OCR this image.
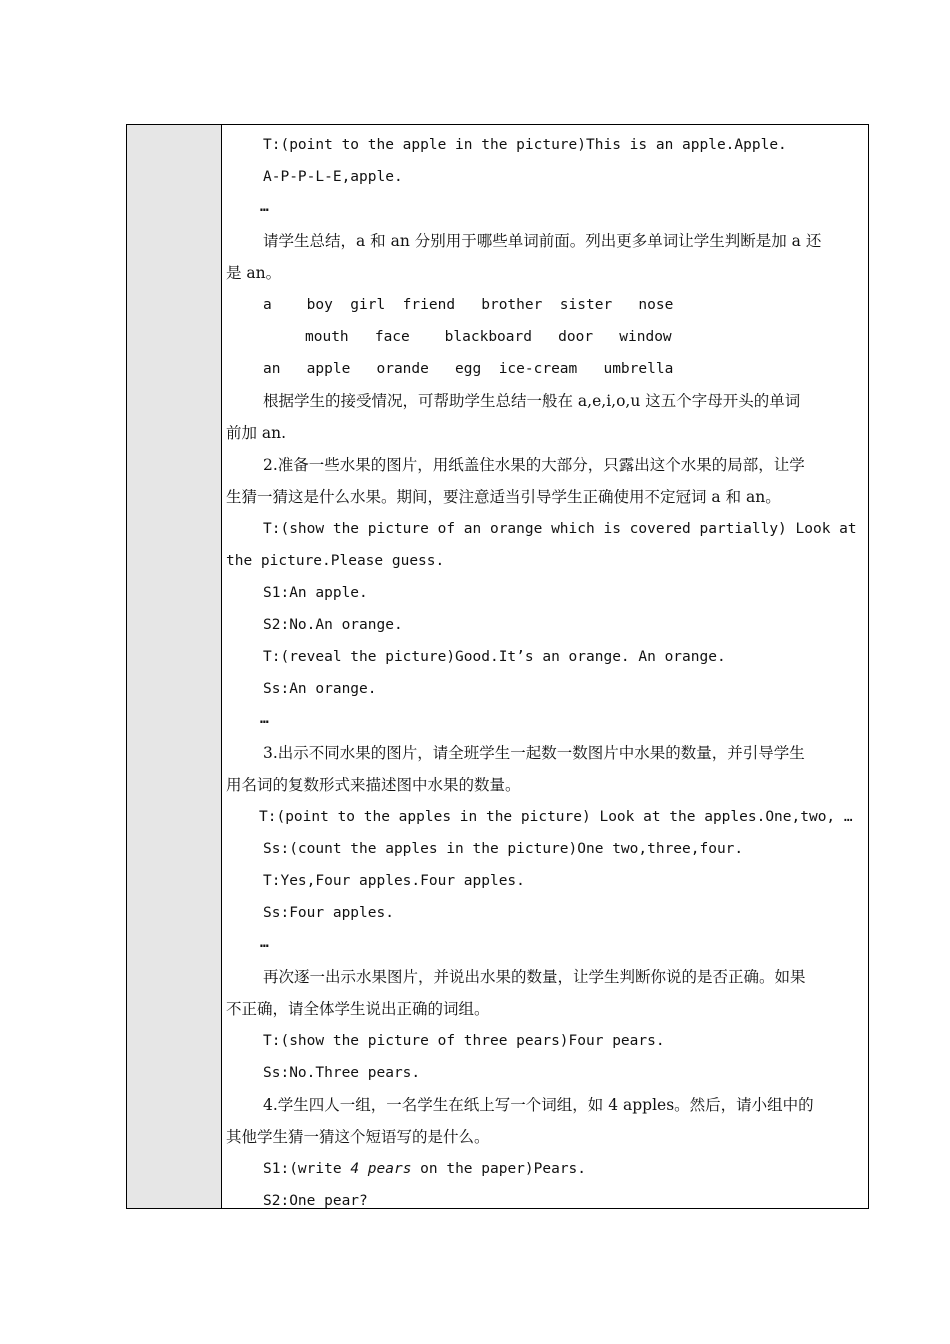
T:(point to the apple in the picture)This is an apple.Apple.
A-P-P-L-E,apple.
…
请学生总结，a 和 an 分别用于哪些单词前面。列出更多单词让学生判断是加 a 还
是 an。
a    boy  girl  friend   brother  sister   nose
mouth   face    blackboard   door   window
an   apple   orande   egg  ice-cream   umbrella
根据学生的接受情况，可帮助学生总结一般在 a,e,i,o,u 这五个字母开头的单词
前加 an.
2.准备一些水果的图片，用纸盖住水果的大部分，只露出这个水果的局部，让学
生猜一猜这是什么水果。期间，要注意适当引导学生正确使用不定冠词 a 和 an。
T:(show the picture of an orange which is covered partially) Look at
the picture.Please guess.
S1:An apple.
S2:No.An orange.
T:(reveal the picture)Good.It’s an orange. An orange.
Ss:An orange.
…
3.出示不同水果的图片，请全班学生一起数一数图片中水果的数量，并引导学生
用名词的复数形式来描述图中水果的数量。
T:(point to the apples in the picture) Look at the apples.One,two, …
Ss:(count the apples in the picture)One two,three,four.
T:Yes,Four apples.Four apples.
Ss:Four apples.
…
再次逐一出示水果图片，并说出水果的数量，让学生判断你说的是否正确。如果
不正确，请全体学生说出正确的词组。
T:(show the picture of three pears)Four pears.
Ss:No.Three pears.
4.学生四人一组，一名学生在纸上写一个词组，如 4 apples。然后，请小组中的
其他学生猜一猜这个短语写的是什么。
S1:(write 4 pears on the paper)Pears.
S2:One pear?
